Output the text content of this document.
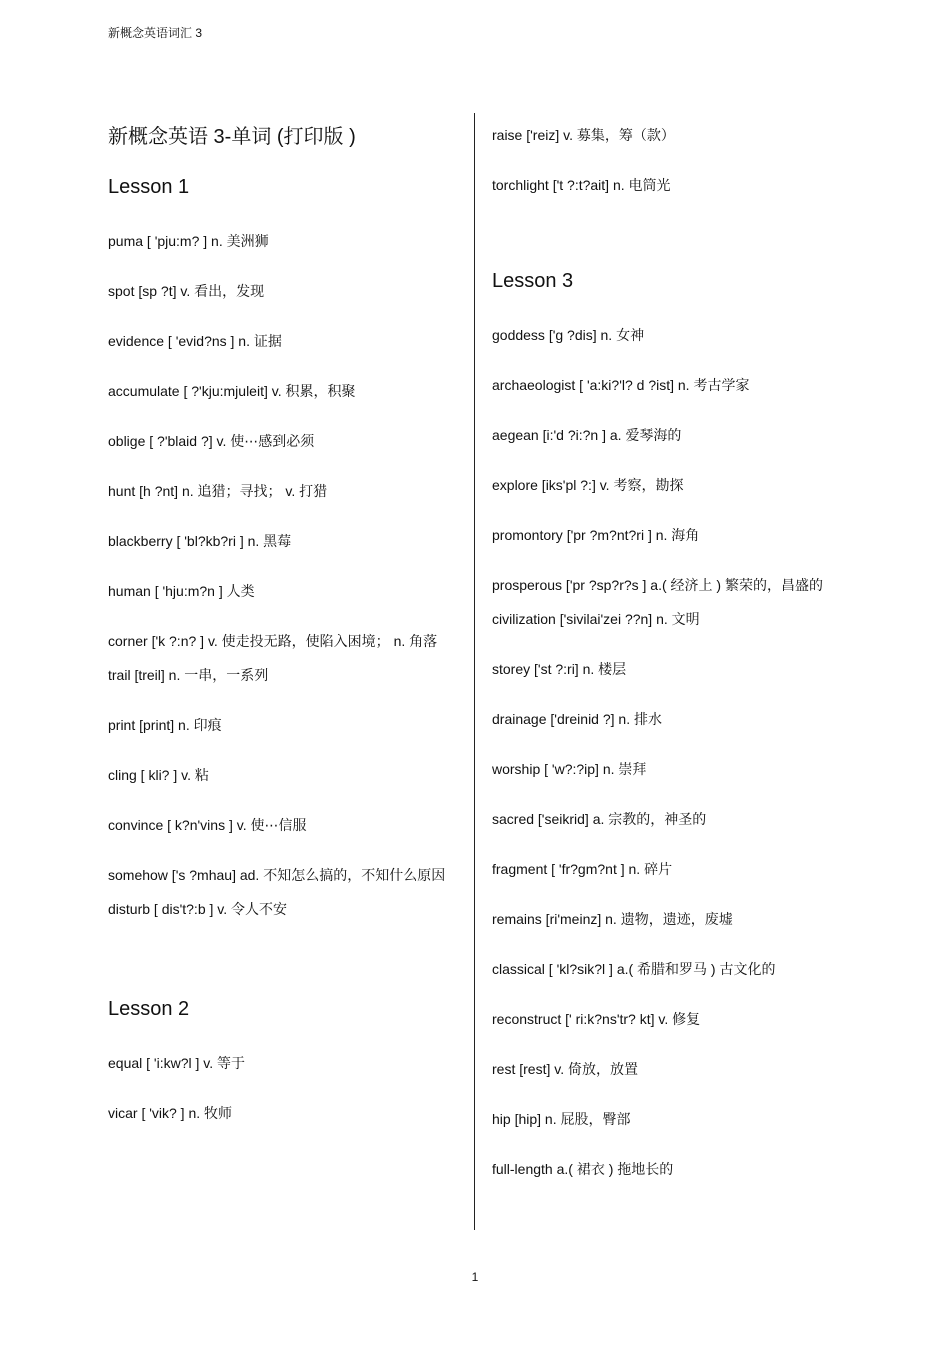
新概念英语词汇 3
新概念英语 3-单词 (打印版 )
Lesson 1
puma [ 'pju:m? ] n. 美洲狮
spot [sp ?t] v. 看出，发现
evidence [ 'evid?ns ] n. 证据
accumulate [ ?'kju:mjuleit] v. 积累，积聚
oblige [ ?'blaid ?] v. 使⋯感到必须
hunt [h ?nt] n. 追猎；寻找； v. 打猎
blackberry [ 'bl?kb?ri ] n. 黑莓
human [ 'hju:m?n ] 人类
corner ['k ?:n? ] v. 使走投无路，使陷入困境； n. 角落
trail [treil] n. 一串，一系列
print [print] n. 印痕
cling [ kli? ] v. 粘
convince [ k?n'vins ] v. 使⋯信服
somehow ['s ?mhau] ad. 不知怎么搞的，不知什么原因
disturb [ dis't?:b ] v. 令人不安
Lesson 2
equal [ 'i:kw?l ] v. 等于
vicar [ 'vik? ] n. 牧师
raise ['reiz] v. 募集，筹（款）
torchlight ['t ?:t?ait] n. 电筒光
Lesson 3
goddess ['g ?dis] n. 女神
archaeologist [ 'a:ki?'l? d ?ist] n. 考古学家
aegean [i:'d ?i:?n ] a. 爱琴海的
explore [iks'pl ?:] v. 考察，勘探
promontory ['pr ?m?nt?ri ] n. 海角
prosperous ['pr ?sp?r?s ] a.( 经济上 ) 繁荣的，昌盛的
civilization ['sivilai'zei ??n] n. 文明
storey ['st ?:ri] n. 楼层
drainage ['dreinid ?] n. 排水
worship [ 'w?:?ip] n. 崇拜
sacred ['seikrid] a. 宗教的，神圣的
fragment [ 'fr?gm?nt ] n. 碎片
remains [ri'meinz] n. 遗物，遗迹，废墟
classical [ 'kl?sik?l ] a.( 希腊和罗马 ) 古文化的
reconstruct [' ri:k?ns'tr? kt] v. 修复
rest [rest] v. 倚放，放置
hip [hip] n. 屁股，臀部
full-length a.( 裙衣 ) 拖地长的
1
